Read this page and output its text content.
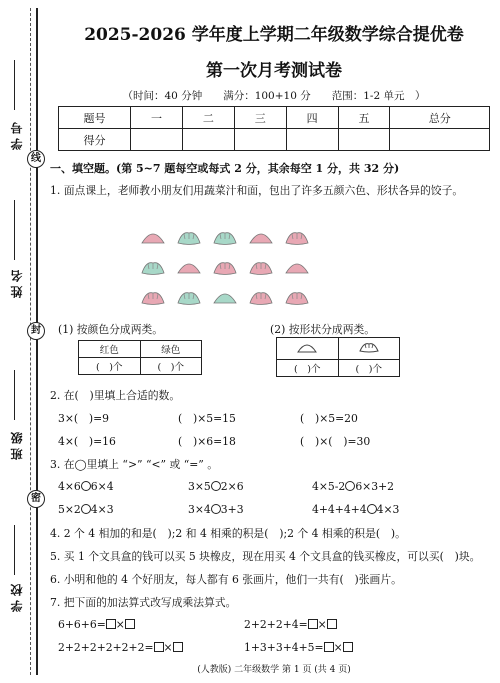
学号
线
姓名
封
班级
密
学校
2025-2026 学年度上学期二年级数学综合提优卷
第一次月考测试卷
（时间：40 分钟　　满分：100+10 分　　范围：1-2 单元　）
题号	一	二	三	四	五	总分
得分						
一、填空题。(第 5~7 题每空或每式 2 分，其余每空 1 分，共 32 分)
1. 面点课上，老师教小朋友们用蔬菜汁和面，包出了许多五颜六色、形状各异的饺子。
(1) 按颜色分成两类。	(2) 按形状分成两类。
红色	绿色
(　)个	(　)个
		(　)个	(　)个
2. 在(　)里填上合适的数。
3×(　)=9	(　)×5=15	(　)×5=20
4×(　)=16	(　)×6=18	(　)×(　)=30
3. 在◯里填上 “>” “<” 或 “=” 。
4×6 6×4	3×5 2×6	4×5-2 6×3+2
5×2 4×3	3×4 3+3	4+4+4+4 4×3
4. 2 个 4 相加的和是(　);2 和 4 相乘的积是(　);2 个 4 相乘的积是(　)。
5. 买 1 个文具盒的钱可以买 5 块橡皮，现在用买 4 个文具盒的钱买橡皮，可以买(　)块。
6. 小明和他的 4 个好朋友，每人都有 6 张画片，他们一共有(　)张画片。
7. 把下面的加法算式改写成乘法算式。
6+6+6= ×	2+2+2+4= ×
2+2+2+2+2+2= ×	1+3+3+4+5= ×
(人教版) 二年级数学 第 1 页 (共 4 页)
